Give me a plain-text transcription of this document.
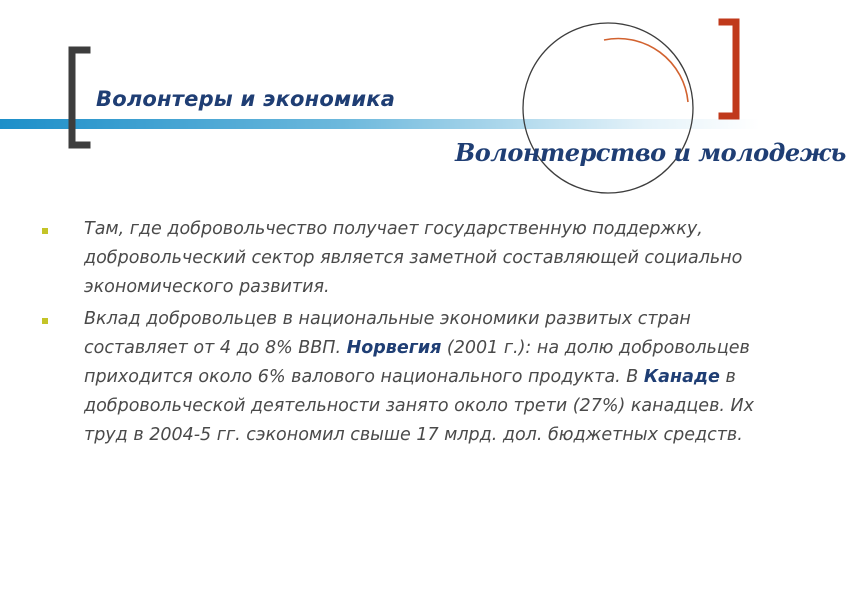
Волонтеры и экономика
Волонтерство и молодежь
Там, где добровольчество получает государственную поддержку, добровольческий сектор является заметной составляющей социально экономического развития.
Вклад добровольцев в национальные экономики развитых стран составляет от 4 до 8% ВВП. Норвегия (2001 г.): на долю добровольцев приходится около 6% валового национального продукта. В Канаде в добровольческой деятельности занято около трети (27%) канадцев. Их труд в 2004-5 гг. сэкономил свыше 17 млрд. дол. бюджетных средств.
